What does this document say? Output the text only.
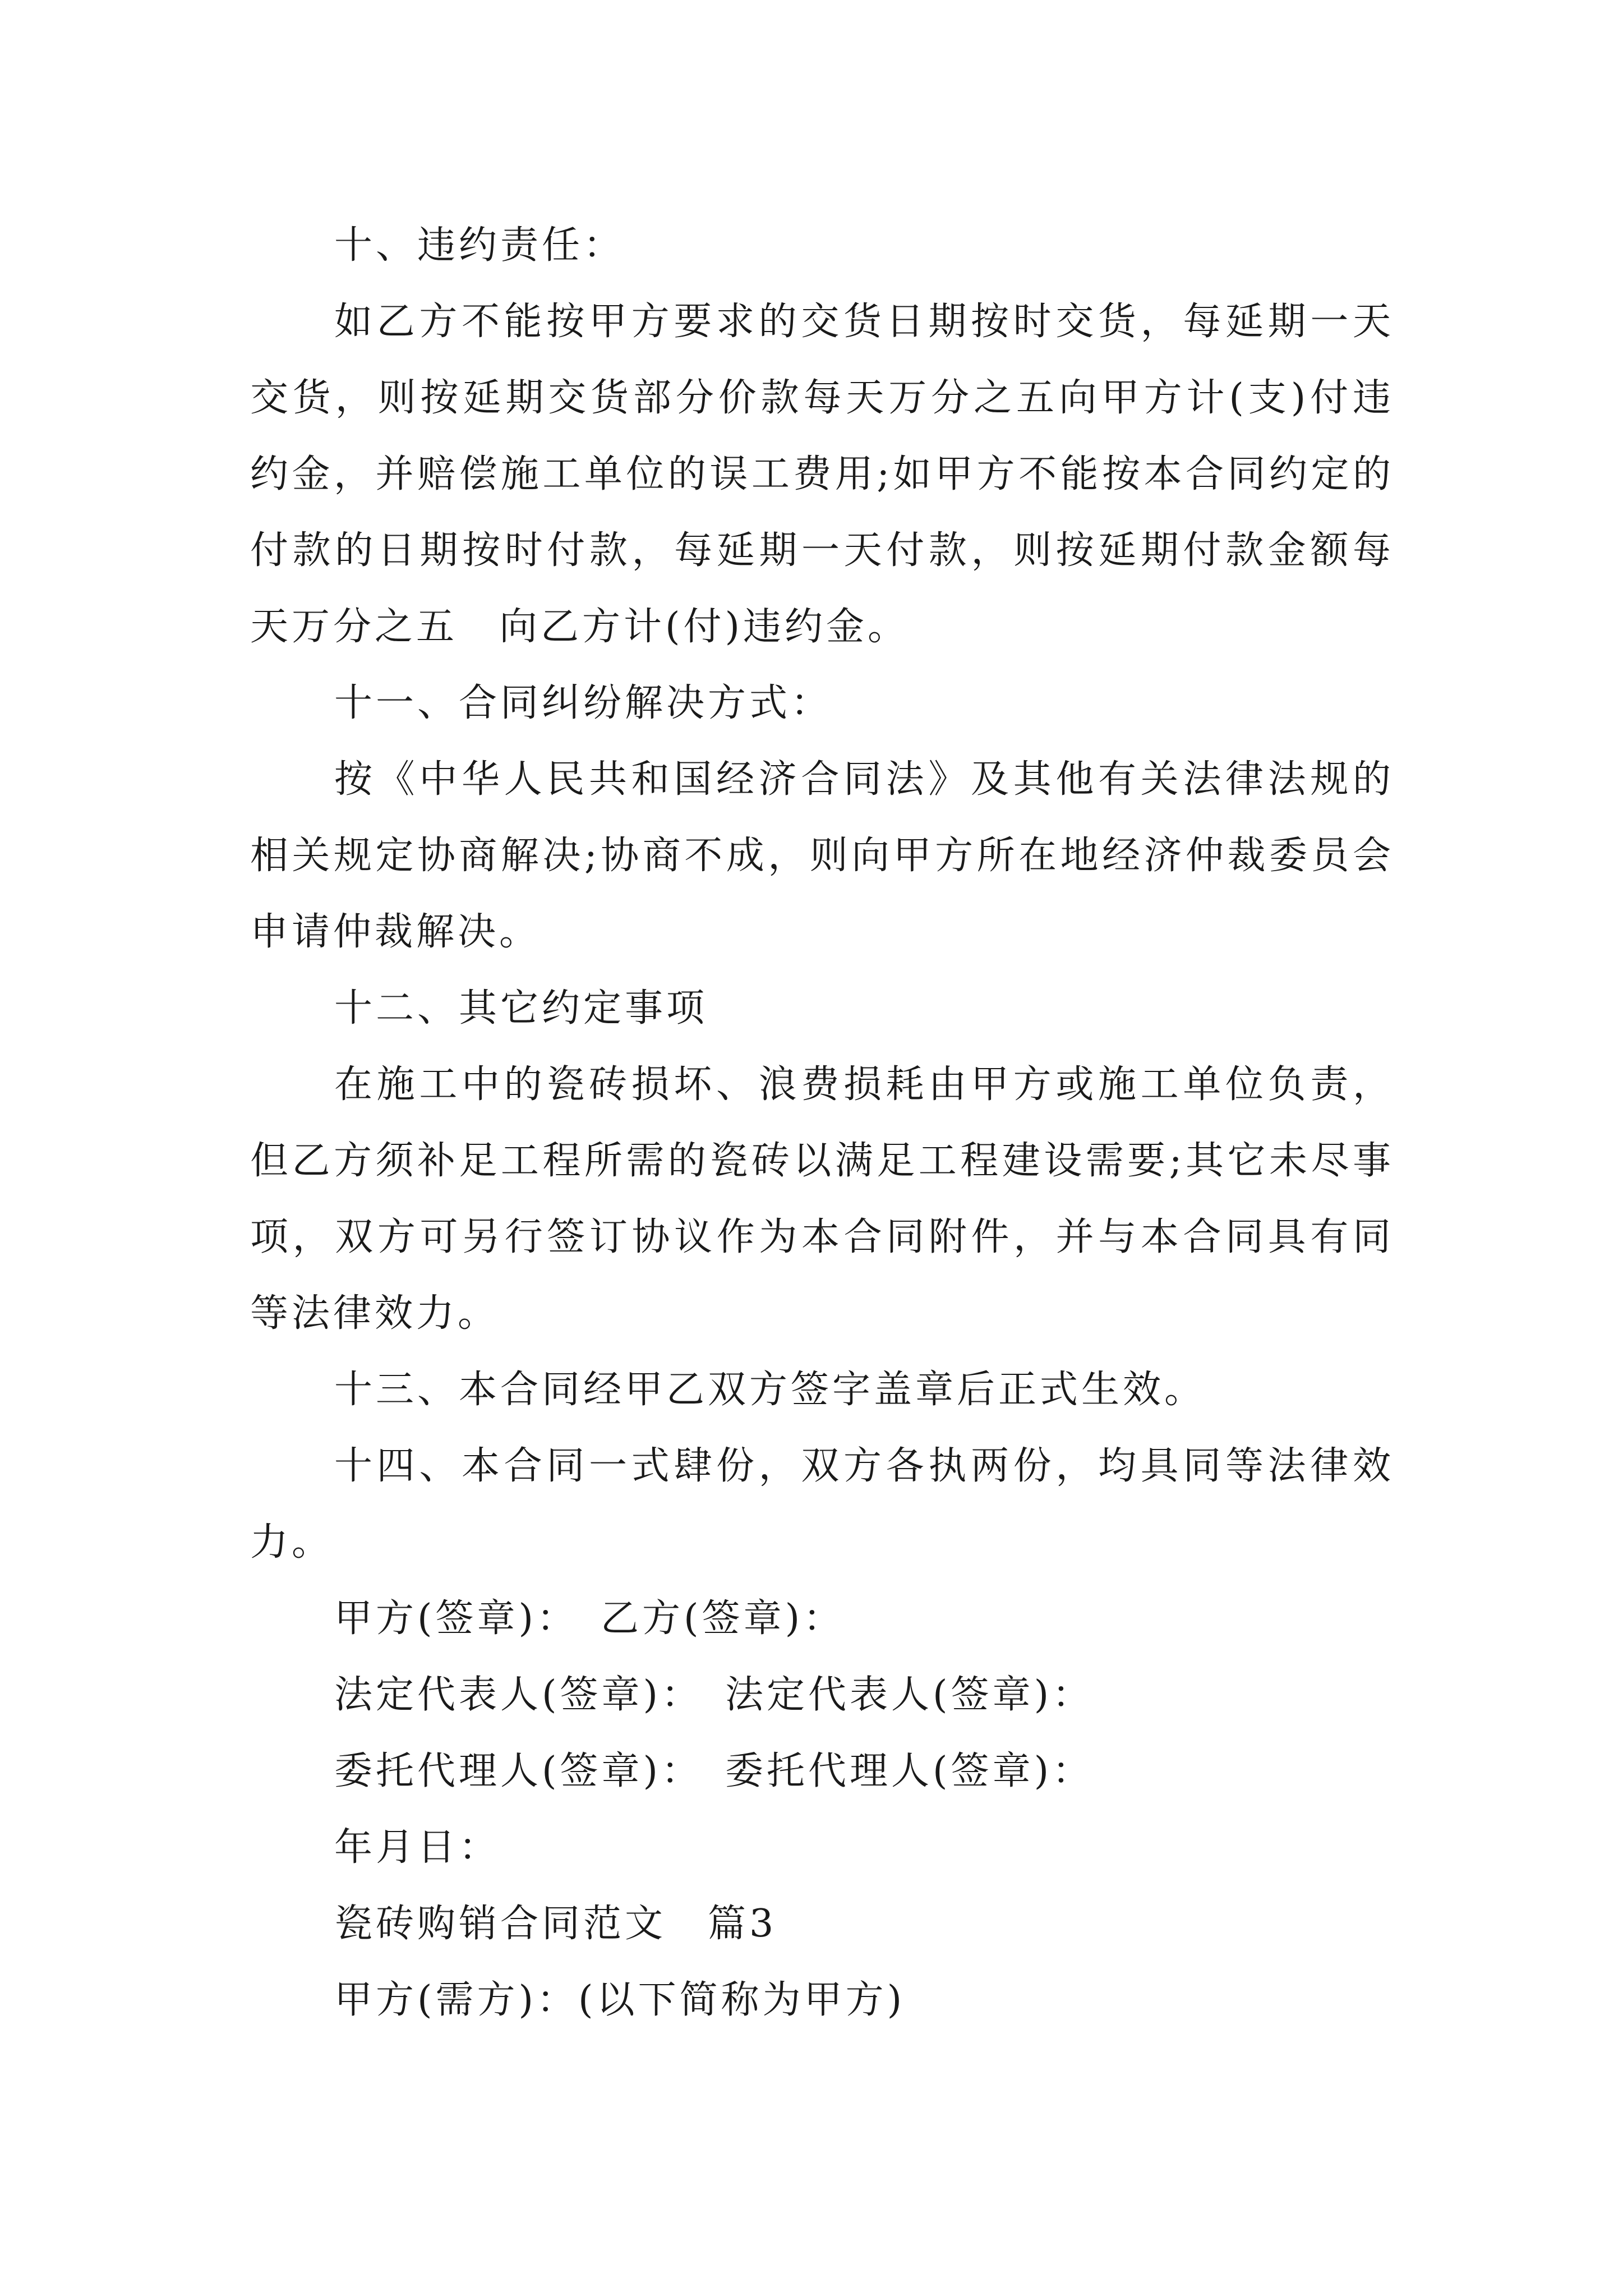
十、违约责任：

如乙方不能按甲方要求的交货日期按时交货，每延期一天交货，则按延期交货部分价款每天万分之五向甲方计(支)付违约金，并赔偿施工单位的误工费用;如甲方不能按本合同约定的付款的日期按时付款，每延期一天付款，则按延期付款金额每天万分之五　向乙方计(付)违约金。

十一、合同纠纷解决方式：

按《中华人民共和国经济合同法》及其他有关法律法规的相关规定协商解决;协商不成，则向甲方所在地经济仲裁委员会申请仲裁解决。

十二、其它约定事项

在施工中的瓷砖损坏、浪费损耗由甲方或施工单位负责，但乙方须补足工程所需的瓷砖以满足工程建设需要;其它未尽事项，双方可另行签订协议作为本合同附件，并与本合同具有同等法律效力。

十三、本合同经甲乙双方签字盖章后正式生效。

十四、本合同一式肆份，双方各执两份，均具同等法律效力。

甲方(签章)：　乙方(签章)：

法定代表人(签章)：　法定代表人(签章)：

委托代理人(签章)：　委托代理人(签章)：

年月日：

瓷砖购销合同范文　篇3

甲方(需方)：(以下简称为甲方)
